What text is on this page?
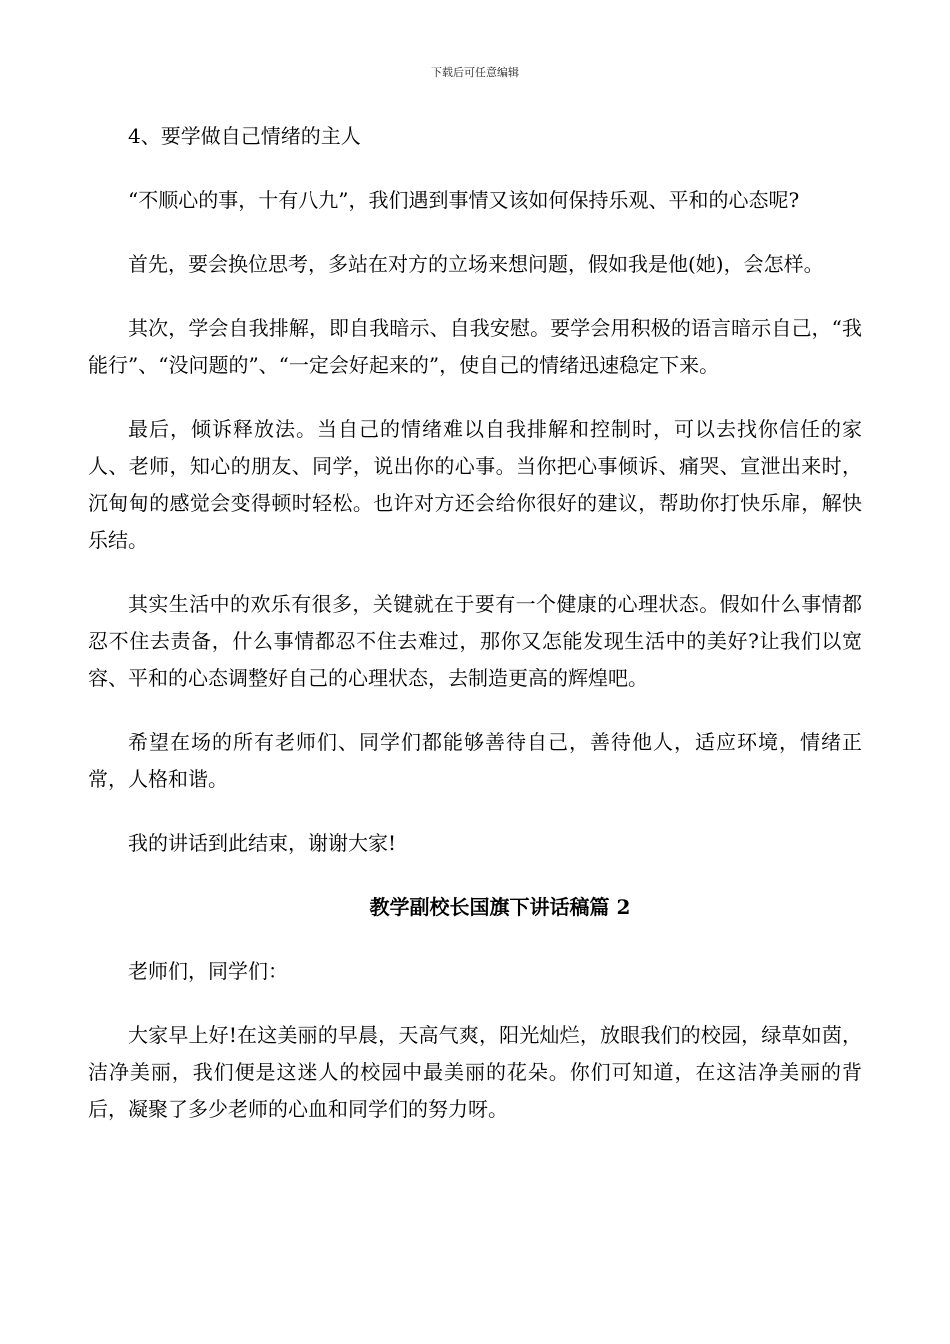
下载后可任意编辑

4、要学做自己情绪的主人

“不顺心的事，十有八九”，我们遇到事情又该如何保持乐观、平和的心态呢?

首先，要会换位思考，多站在对方的立场来想问题，假如我是他(她)，会怎样。

其次，学会自我排解，即自我暗示、自我安慰。要学会用积极的语言暗示自己，“我能行”、“没问题的”、“一定会好起来的”，使自己的情绪迅速稳定下来。

最后，倾诉释放法。当自己的情绪难以自我排解和控制时，可以去找你信任的家人、老师，知心的朋友、同学，说出你的心事。当你把心事倾诉、痛哭、宣泄出来时，沉甸甸的感觉会变得顿时轻松。也许对方还会给你很好的建议，帮助你打快乐扉，解快乐结。

其实生活中的欢乐有很多，关键就在于要有一个健康的心理状态。假如什么事情都忍不住去责备，什么事情都忍不住去难过，那你又怎能发现生活中的美好?让我们以宽容、平和的心态调整好自己的心理状态，去制造更高的辉煌吧。

希望在场的所有老师们、同学们都能够善待自己，善待他人，适应环境，情绪正常，人格和谐。

我的讲话到此结束，谢谢大家!

教学副校长国旗下讲话稿篇 2

老师们，同学们：

大家早上好!在这美丽的早晨，天高气爽，阳光灿烂，放眼我们的校园，绿草如茵，洁净美丽，我们便是这迷人的校园中最美丽的花朵。你们可知道，在这洁净美丽的背后，凝聚了多少老师的心血和同学们的努力呀。
